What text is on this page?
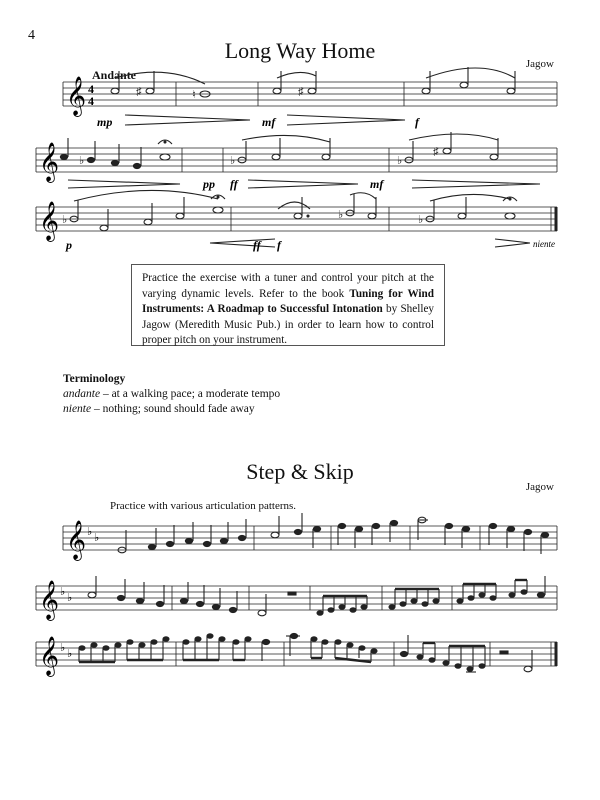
4
Long Way Home
Jagow
Andante
𝄞 4
4
♯	♮	♯
mp	mf	f
𝄞 ♭	♭	♭
♯
pp ff	mf
𝄞 ♭	♭	♭
p	ff f	niente
Practice the exercise with a tuner and control your pitch at the varying dynamic levels. Refer to the book Tuning for Wind Instruments: A Roadmap to Successful Intonation by Shelley Jagow (Meredith Music Pub.) in order to learn how to control proper pitch on your instrument.
Terminology
andante – at a walking pace; a moderate tempo
niente – nothing; sound should fade away
Step & Skip
Jagow
Practice with various articulation patterns.
𝄞 ♭ ♭
𝄞 ♭ ♭
𝄞 ♭ ♭
